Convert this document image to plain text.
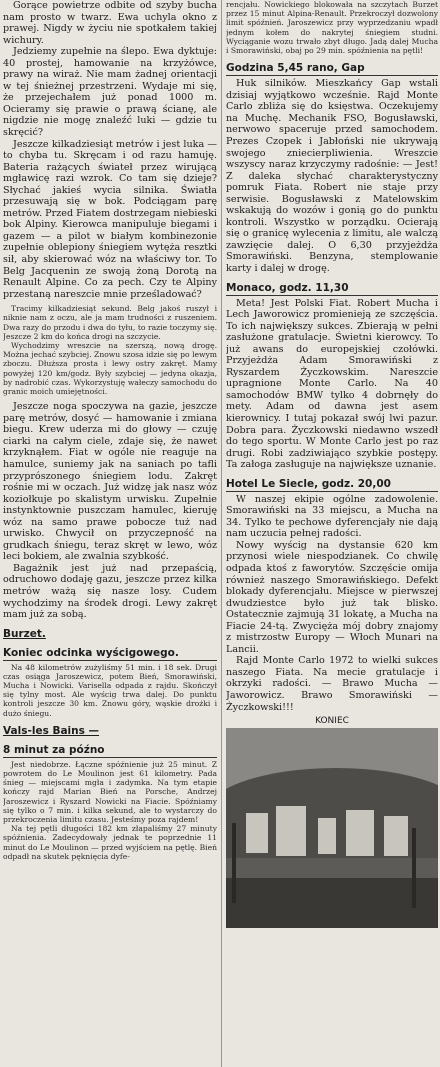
Gorące powietrze odbite od szyby bucha nam prosto w twarz. Ewa uchyla okno z prawej. Nigdy w życiu nie spotkałem takiej wichury.

Jedziemy zupełnie na ślepo. Ewa dyktuje: 40 prostej, hamowanie na krzyżówce, prawy na wiraż. Nie mam żadnej orientacji w tej śnieżnej przestrzeni. Wydaje mi się, że przejechałem już ponad 1000 m. Ocieramy się prawie o prawą ścianę, ale nigdzie nie mogę znaleźć luki — gdzie tu skręcić?

Jeszcze kilkadziesiąt metrów i jest luka — to chyba tu. Skręcam i od razu hamuję. Bateria rażących świateł przez wirującą mgławicę razi wzrok. Co tam się dzieje? Słychać jakieś wycia silnika. Światła przesuwają się w bok. Podciągam parę metrów. Przed Fiatem dostrzegam niebieski bok Alpiny. Kierowca manipuluje biegami i gazem — a pilot w białym kombinezonie zupełnie oblepiony śniegiem wytęża resztki sił, aby skierować wóz na właściwy tor. To Belg Jacquenin ze swoją żoną Dorotą na Renault Alpine. Co za pech. Czy te Alpiny przestaną nareszcie mnie prześladować?

Tracimy kilkadziesiąt sekund. Belg jakoś ruszył i niknie nam z oczu, ale ja mam trudności z ruszeniem. Dwa razy do przodu i dwa do tyłu, to razie toczymy się. Jeszcze 2 km do końca drogi na szczycie.

Wychodzimy wreszcie na szerszą, nową drogę. Można jechać szybciej. Znowu szosa idzie się po lewym zboczu. Dłuższa prosta i lewy ostry zakręt. Mamy powyżej 120 km/godz. Były szybciej — jedyna okazja, by nadrobić czas. Wykorzystuję wałeczy samochodu do granic moich umiejętności.

Jeszcze noga spoczywa na gazie, jeszcze parę metrów, dosyć — hamowanie i zmiana biegu. Krew uderza mi do głowy — czuję ciarki na całym ciele, zdaje się, że nawet krzyknąłem. Fiat w ogóle nie reaguje na hamulce, suniemy jak na saniach po tafli przyprószonego śniegiem lodu. Zakręt rośnie mi w oczach. Już widzę jak nasz wóz koziołkuje po skalistym urwisku. Zupełnie instynktownie puszczam hamulec, kieruję wóz na samo prawe pobocze tuż nad urwisko. Chwycił on przyczepność na grudkach śniegu, teraz skręt w lewo, wóz leci bokiem, ale zwalnia szybkość.

Bagażnik jest już nad przepaścią, odruchowo dodaję gazu, jeszcze przez kilka metrów ważą się nasze losy. Cudem wychodzimy na środek drogi. Lewy zakręt mam już za sobą.

Burzet.
Koniec odcinka wyścigowego.

Na 48 kilometrów zużyliśmy 51 min. i 18 sek. Drugi czas osiąga Jaroszewicz, potem Bień, Smorawiński, Mucha i Nowicki. Varisella odpada z rajdu. Skończył się tylny most. Ale wyścig trwa dalej. Do punktu kontroli jeszcze 30 km. Znowu góry, wąskie drożki i dużo śniegu.

Vals-les Bains —
8 minut za późno

Jest niedobrze. Łączne spóźnienie już 25 minut. Z powrotem do Le Moulinon jest 61 kilometry. Pada śnieg — miejscami mgła i zadymka. Na tym etapie kończy rajd Marian Bień na Porsche, Andrzej Jaroszewicz i Ryszard Nowicki na Fiacie. Spóźniamy się tylko o 7 min. i kilka sekund, ale to wystarczy do przekroczenia limitu czasu. Jesteśmy poza rajdem!

Na tej pętli długości 182 km złapaliśmy 27 minuty spóźnienia. Zadecydowały jednak te poprzednie 11 minut do Le Moulinon — przed wyjściem na pętlę. Bień odpadł na skutek pęknięcia dyfe-

rencjału. Nowickiego blokowała na szczytach Burzet przez 15 minut Alpina-Renault. Przekroczył dozwolony limit spóźnień. Jaroszewicz przy wyprzedzaniu wpadł jednym kołem do nakrytej śniegiem studni. Wyciąganie wozu trwało zbyt długo. Jadą dalej Mucha i Smorawiński, obaj po 29 min. spóźnienia na pętli!

Godzina 5,45 rano, Gap

Huk silników. Mieszkańcy Gap wstali dzisiaj wyjątkowo wcześnie. Rajd Monte Carlo zbliża się do księstwa. Oczekujemy na Muchę. Mechanik FSO, Bogusławski, nerwowo spaceruje przed samochodem. Prezes Czopek i Jabłoński nie ukrywają swojego zniecierpliwienia. Wreszcie wszyscy naraz krzyczymy radośnie: — Jest! Z daleka słychać charakterystyczny pomruk Fiata. Robert nie staje przy serwisie. Bogusławski z Matelowskim wskakują do wozów i gonią go do punktu kontroli. Wszystko w porządku. Ocierają się o granicę wylecenia z limitu, ale walczą zawzięcie dalej. O 6,30 przyjeżdża Smorawiński. Benzyna, stemplowanie karty i dalej w drogę.

Monaco, godz. 11,30

Meta! Jest Polski Fiat. Robert Mucha i Lech Jaworowicz promienieją ze szczęścia. To ich największy sukces. Zbierają w pełni zasłużone gratulacje. Świetni kierowcy. To już awans do europejskiej czołówki. Przyjeżdża Adam Smorawiński z Ryszardem Życzkowskim. Nareszcie upragnione Monte Carlo. Na 40 samochodów BMW tylko 4 dobrnęły do mety. Adam od dawna jest asem kierownicy. I tutaj pokazał swój lwi pazur. Dobra para. Życzkowski niedawno wszedł do tego sportu. W Monte Carlo jest po raz drugi. Robi zadziwiająco szybkie postępy. Ta załoga zasługuje na największe uznanie.

Hotel Le Siecle, godz. 20,00

W naszej ekipie ogólne zadowolenie. Smorawiński na 33 miejscu, a Mucha na 34. Tylko te pechowe dyferencjały nie dają nam uczucia pełnej radości.

Nowy wyścig na dystansie 620 km przynosi wiele niespodzianek. Co chwilę odpada ktoś z faworytów. Szczęście omija również naszego Smorawińskiego. Defekt blokady dyferencjału. Miejsce w pierwszej dwudziestce było już tak blisko. Ostatecznie zajmują 31 lokatę, a Mucha na Fiacie 24-tą. Zwycięża mój dobry znajomy z mistrzostw Europy — Włoch Munari na Lancii.

Rajd Monte Carlo 1972 to wielki sukces naszego Fiata. Na mecie gratulacje i okrzyki radości. — Brawo Mucha — Jaworowicz. Brawo Smorawiński — Życzkowski!!!

KONIEC
